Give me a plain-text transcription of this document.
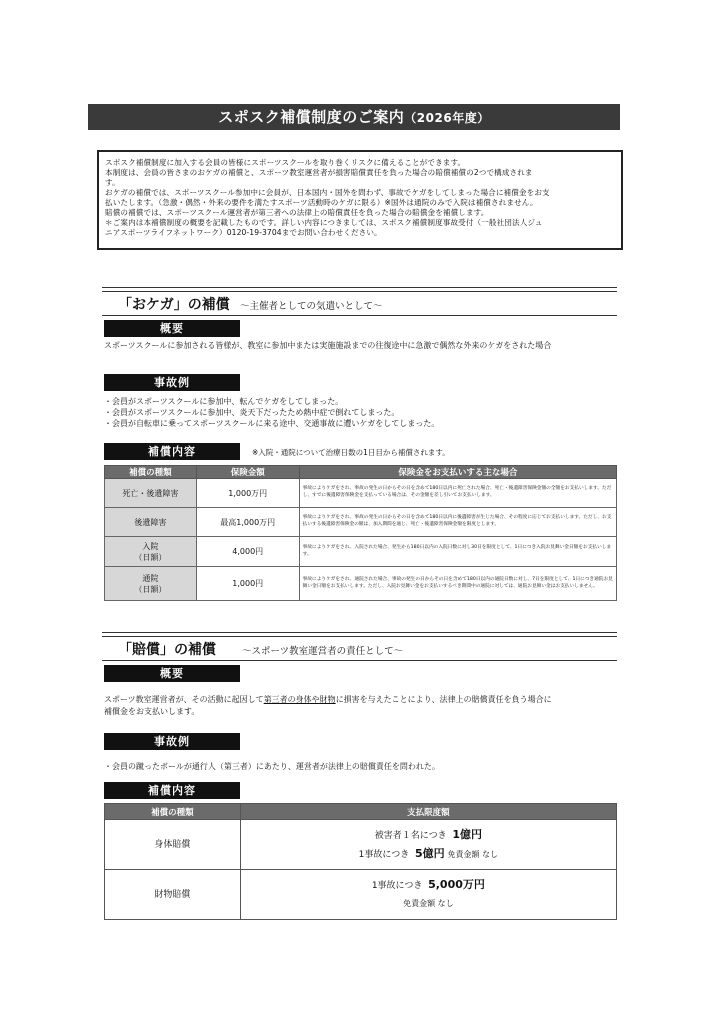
スポスク補償制度のご案内（2026年度）

スポスク補償制度に加入する会員の皆様にスポーツスクールを取り巻くリスクに備えることができます。

本制度は、会員の皆さまのおケガの補償と、スポーツ教室運営者が損害賠償責任を負った場合の賠償補償の2つで構成されま

す。

おケガの補償では、スポーツスクール参加中に会員が、日本国内・国外を問わず、事故でケガをしてしまった場合に補償金をお支

払いたします。（急激・偶然・外来の要件を満たすスポーツ活動時のケガに限る）※国外は通院のみで入院は補償されません。

賠償の補償では、スポーツスクール運営者が第三者への法律上の賠償責任を負った場合の賠償金を補償します。

＊ご案内は本補償制度の概要を記載したものです。詳しい内容につきましては、スポスク補償制度事故受付（一般社団法人ジュ

ニアスポーツライフネットワーク）0120-19-3704までお問い合わせください。

「おケガ」の補償 ～主催者としての気遣いとして～
概要
スポーツスクールに参加される皆様が、教室に参加中または実施施設までの往復途中に急激で偶然な外来のケガをされた場合
事故例
・会員がスポーツスクールに参加中、転んでケガをしてしまった。
・会員がスポーツスクールに参加中、炎天下だったため熱中症で倒れてしまった。
・会員が自転車に乗ってスポーツスクールに来る途中、交通事故に遭いケガをしてしまった。
補償内容	※入院・通院について治療日数の1日目から補償されます。
補償の種類	保険金額	保険金をお支払いする主な場合
死亡・後遺障害	1,000万円	事故によりケガをされ、事故の発生の日からその日を含めて180日以内に死亡された場合、死亡・後遺障害保険金額の全額をお支払いします。ただし、すでに後遺障害保険金を支払っている場合は、その金額を差し引いてお支払いします。
後遺障害	最高1,000万円	事故によりケガをされ、事故の発生の日からその日を含めて180日以内に後遺障害が生じた場合、その程度に応じてお支払いします。ただし、お支払いする後遺障害保険金の額は、加入期間を通じ、死亡・後遺障害保険金額を限度とします。

入院
（日額）	4,000円	事故によりケガをされ、入院された場合、発生から180日以内の入院日数に対し30日を限度として、1日につき入院お見舞い金日額をお支払いします。

通院
（日額）	1,000円	事故によりケガをされ、通院された場合、事故の発生の日からその日を含めて180日以内の通院日数に対し、7日を限度として、1日につき通院お見舞い金日額をお支払いします。ただし、入院お見舞い金をお支払いするべき期間中の通院に対しては、通院お見舞い金はお支払いしません。
「賠償」の補償	～スポーツ教室運営者の責任として～
概要
スポーツ教室運営者が、その活動に起因して第三者の身体や財物に損害を与えたことにより、法律上の賠償責任を負う場合に
補償金をお支払いします。
事故例
・会員の蹴ったボールが通行人（第三者）にあたり、運営者が法律上の賠償責任を問われた。
補償内容
補償の種類	支払限度額
身体賠償	被害者１名につき 1億円
1事故につき 5億円 免責金額 なし

財物賠償	1事故につき 5,000万円
免責金額 なし
